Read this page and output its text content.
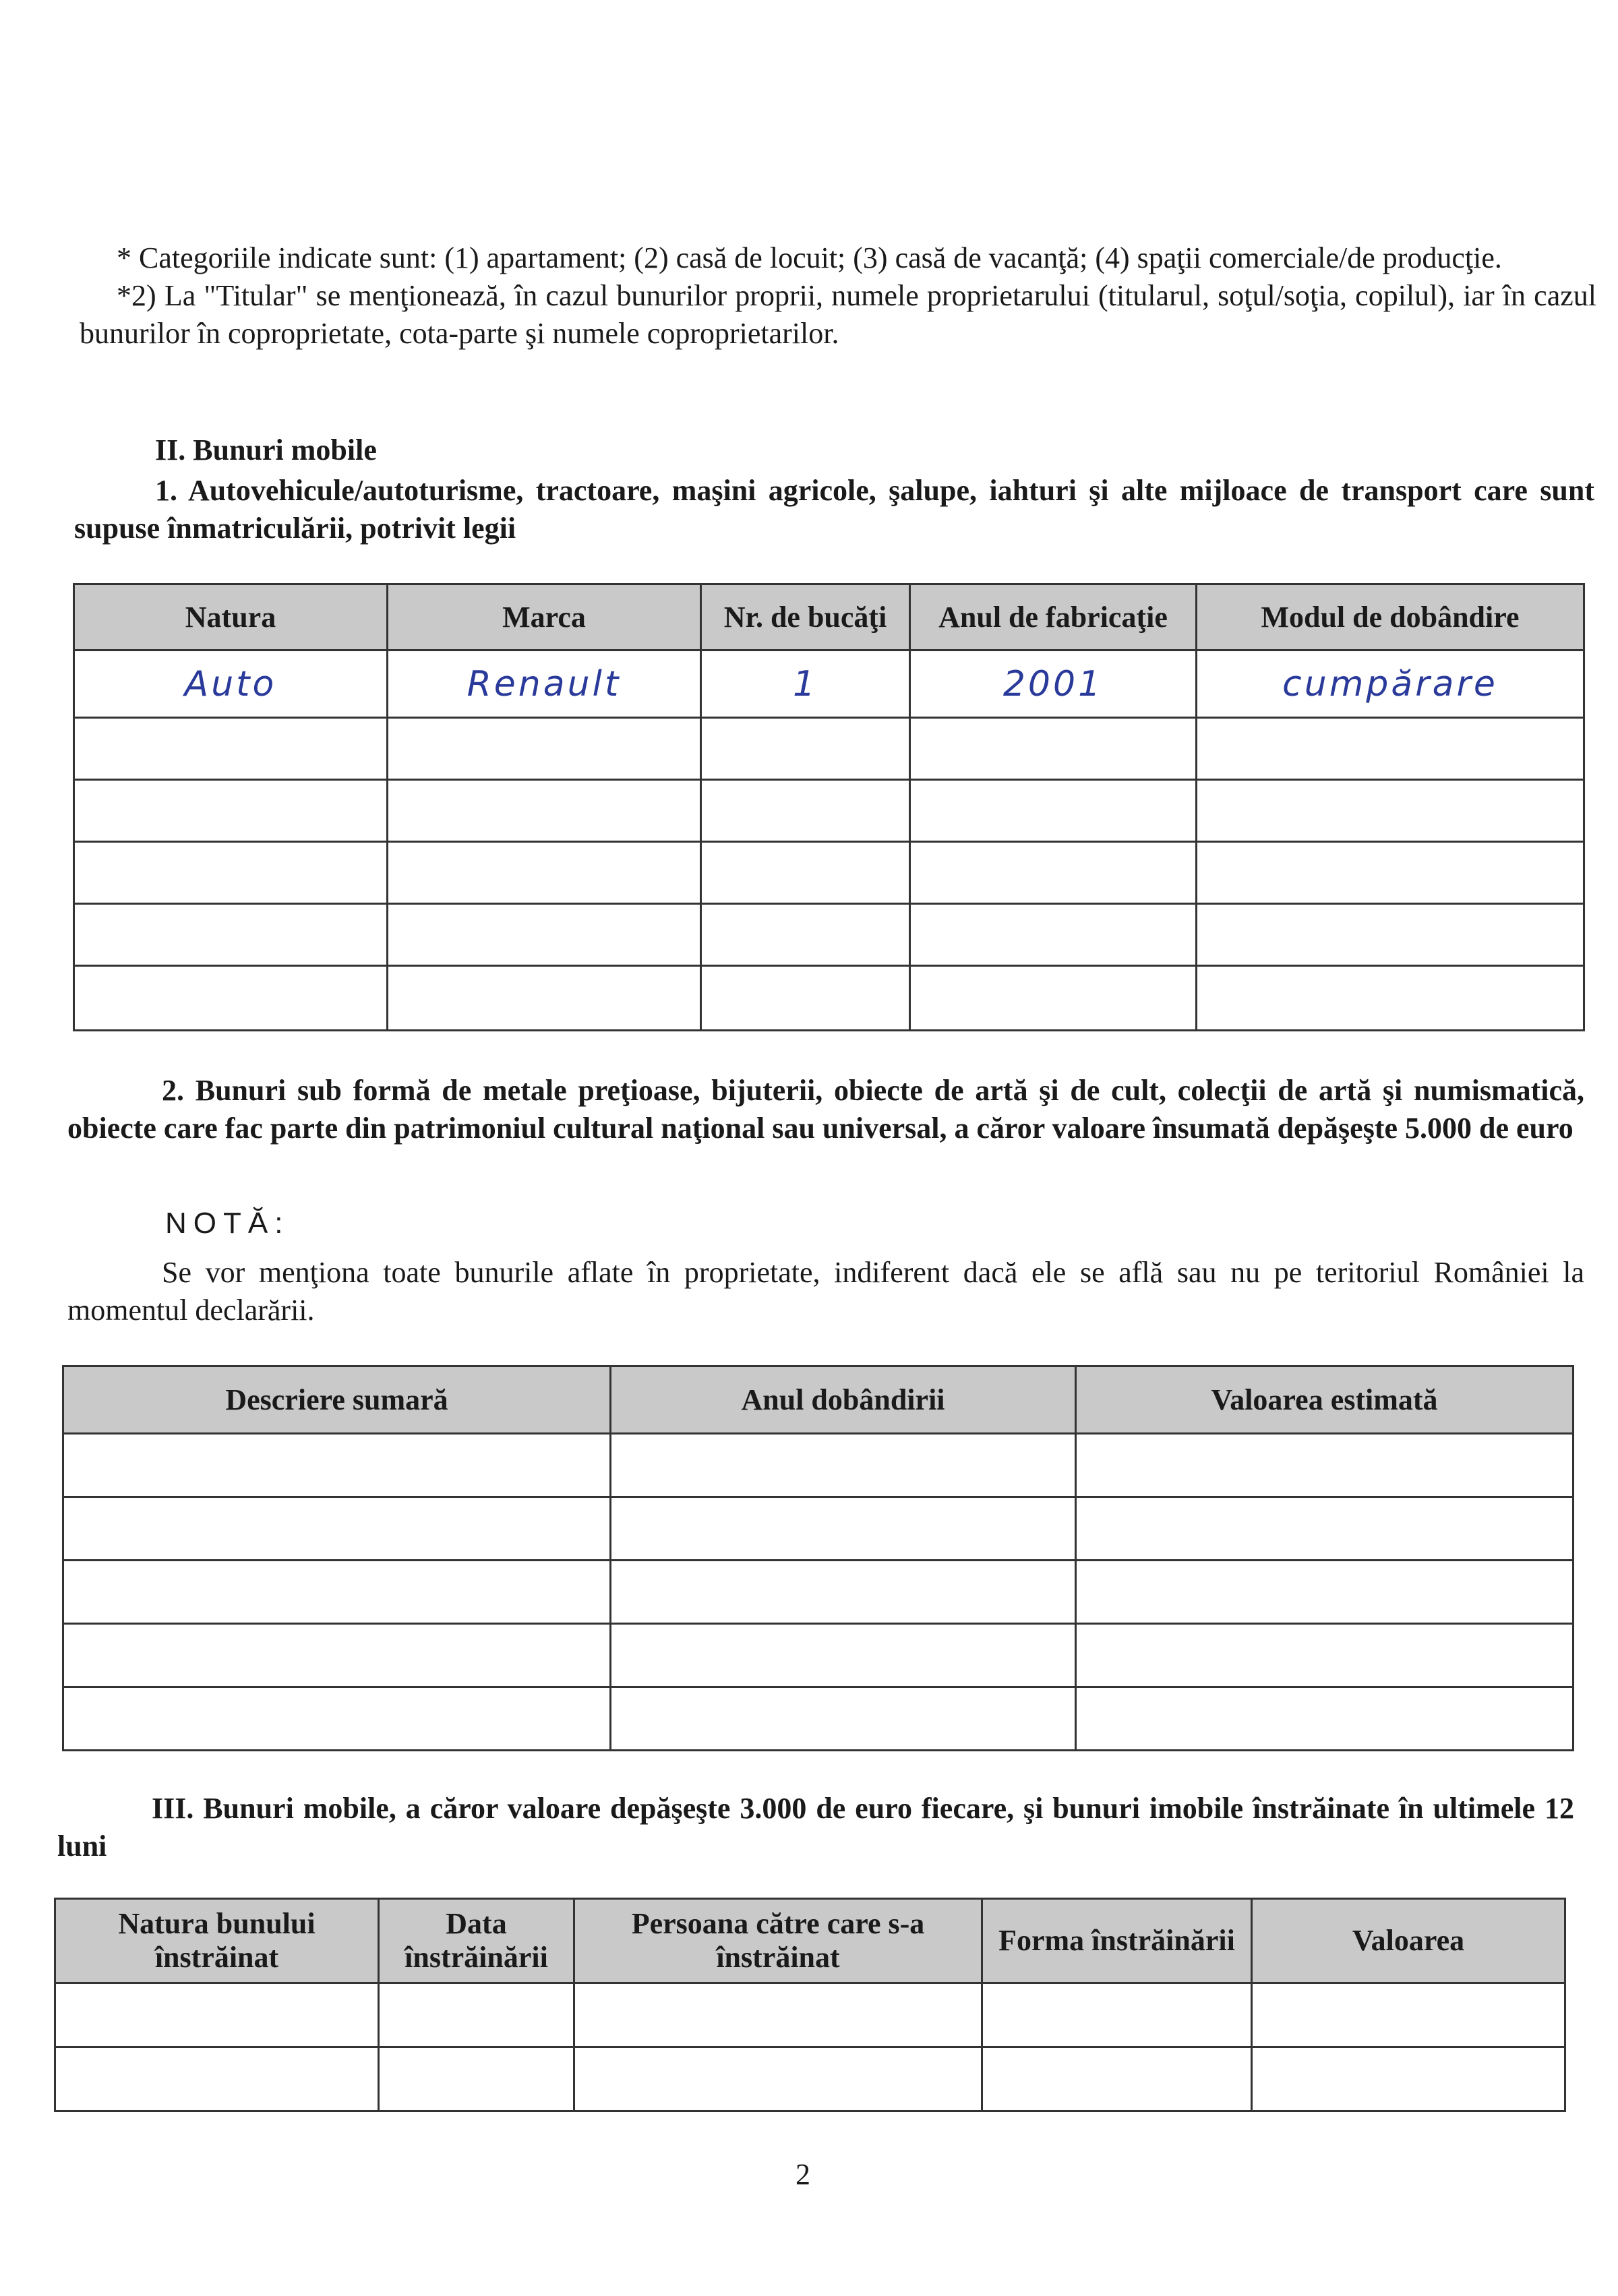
* Categoriile indicate sunt: (1) apartament; (2) casă de locuit; (3) casă de vacanţă; (4) spaţii comerciale/de producţie.

*2) La "Titular" se menţionează, în cazul bunurilor proprii, numele proprietarului (titularul, soţul/soţia, copilul), iar în cazul bunurilor în coproprietate, cota-parte şi numele coproprietarilor.

II. Bunuri mobile
1. Autovehicule/autoturisme, tractoare, maşini agricole, şalupe, iahturi şi alte mijloace de transport care sunt supuse înmatriculării, potrivit legii
Natura	Marca	Nr. de bucăţi	Anul de fabricaţie	Modul de dobândire
Auto	Renault	1	2001	cumpărare

2. Bunuri sub formă de metale preţioase, bijuterii, obiecte de artă şi de cult, colecţii de artă şi numismatică, obiecte care fac parte din patrimoniul cultural naţional sau universal, a căror valoare însumată depăşeşte 5.000 de euro
NOTĂ:
Se vor menţiona toate bunurile aflate în proprietate, indiferent dacă ele se află sau nu pe teritoriul României la momentul declarării.
Descriere sumară	Anul dobândirii	Valoarea estimată

III. Bunuri mobile, a căror valoare depăşeşte 3.000 de euro fiecare, şi bunuri imobile înstrăinate în ultimele 12 luni
Natura bunului înstrăinat	Data înstrăinării	Persoana către care s-a înstrăinat	Forma înstrăinării	Valoarea

2
